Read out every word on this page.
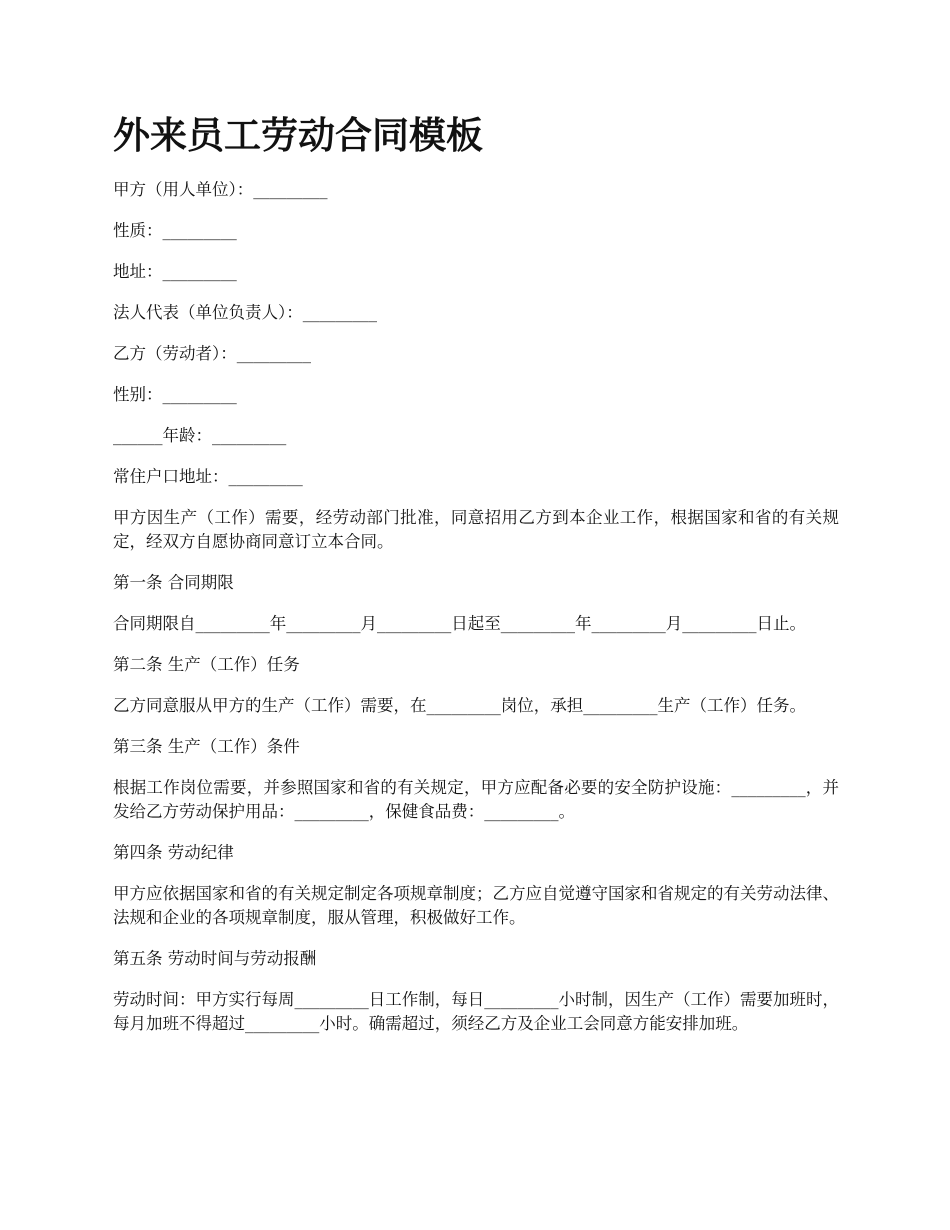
外来员工劳动合同模板

甲方（用人单位）：_________

性质：_________

地址：_________

法人代表（单位负责人）：_________

乙方（劳动者）：_________

性别：_________

______年龄：_________

常住户口地址：_________

甲方因生产（工作）需要，经劳动部门批准，同意招用乙方到本企业工作，根据国家和省的有关规定，经双方自愿协商同意订立本合同。

第一条 合同期限

合同期限自_________年_________月_________日起至_________年_________月_________日止。

第二条 生产（工作）任务

乙方同意服从甲方的生产（工作）需要，在_________岗位，承担_________生产（工作）任务。

第三条 生产（工作）条件

根据工作岗位需要，并参照国家和省的有关规定，甲方应配备必要的安全防护设施：_________，并发给乙方劳动保护用品：_________，保健食品费：_________。

第四条 劳动纪律

甲方应依据国家和省的有关规定制定各项规章制度；乙方应自觉遵守国家和省规定的有关劳动法律、法规和企业的各项规章制度，服从管理，积极做好工作。

第五条 劳动时间与劳动报酬

劳动时间：甲方实行每周_________日工作制，每日_________小时制，因生产（工作）需要加班时，每月加班不得超过_________小时。确需超过，须经乙方及企业工会同意方能安排加班。
